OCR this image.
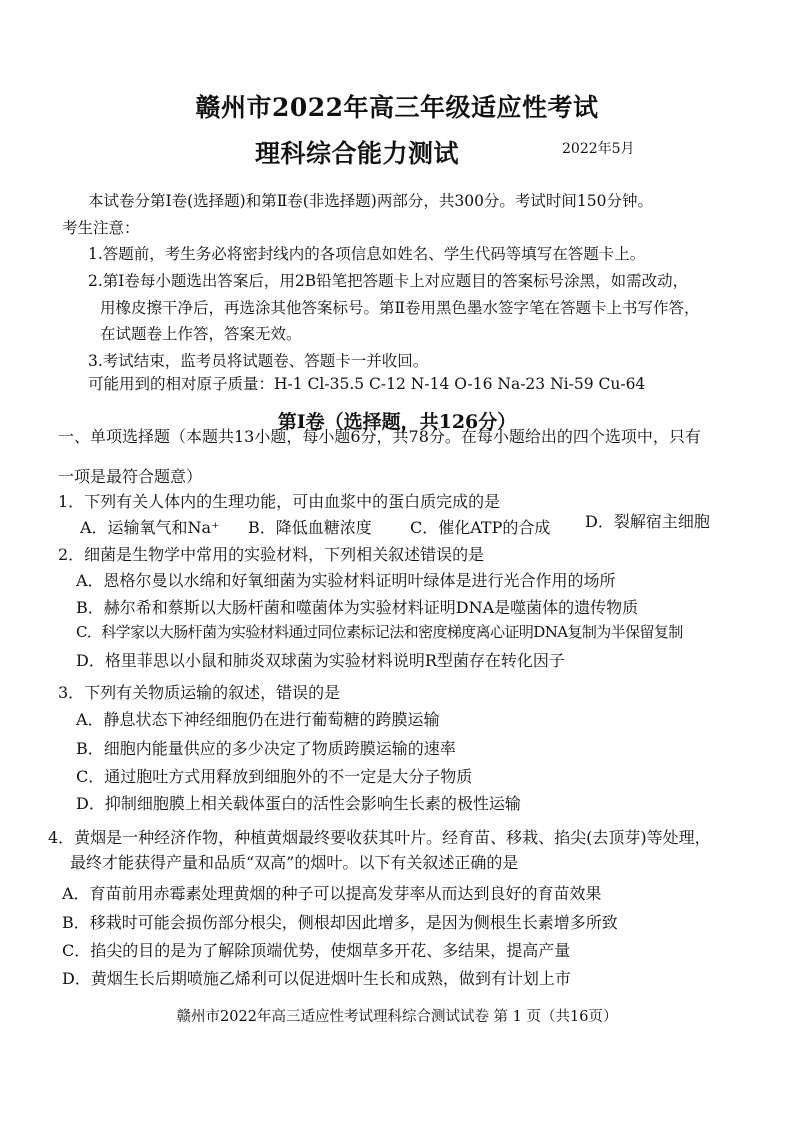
赣州市2022年高三年级适应性考试
理科综合能力测试	2022年5月
本试卷分第Ⅰ卷(选择题)和第Ⅱ卷(非选择题)两部分，共300分。考试时间150分钟。
考生注意：
1.答题前，考生务必将密封线内的各项信息如姓名、学生代码等填写在答题卡上。
2.第Ⅰ卷每小题选出答案后，用2B铅笔把答题卡上对应题目的答案标号涂黑，如需改动，
用橡皮擦干净后，再选涂其他答案标号。第Ⅱ卷用黑色墨水签字笔在答题卡上书写作答，
在试题卷上作答，答案无效。
3.考试结束，监考员将试题卷、答题卡一并收回。
可能用到的相对原子质量：H-1 Cl-35.5 C-12 N-14 O-16 Na-23 Ni-59 Cu-64
第Ⅰ卷（选择题，共126分）
一、单项选择题（本题共13小题，每小题6分，共78分。在每小题给出的四个选项中，只有
一项是最符合题意）
1．下列有关人体内的生理功能，可由血浆中的蛋白质完成的是
A．运输氧气和Na⁺ B．降低血糖浓度 C．催化ATP的合成 D．裂解宿主细胞
2．细菌是生物学中常用的实验材料，下列相关叙述错误的是
A．恩格尔曼以水绵和好氧细菌为实验材料证明叶绿体是进行光合作用的场所
B．赫尔希和蔡斯以大肠杆菌和噬菌体为实验材料证明DNA是噬菌体的遗传物质
C．科学家以大肠杆菌为实验材料通过同位素标记法和密度梯度离心证明DNA复制为半保留复制
D．格里菲思以小鼠和肺炎双球菌为实验材料说明R型菌存在转化因子
3．下列有关物质运输的叙述，错误的是
A．静息状态下神经细胞仍在进行葡萄糖的跨膜运输
B．细胞内能量供应的多少决定了物质跨膜运输的速率
C．通过胞吐方式用释放到细胞外的不一定是大分子物质
D．抑制细胞膜上相关载体蛋白的活性会影响生长素的极性运输
4．黄烟是一种经济作物，种植黄烟最终要收获其叶片。经育苗、移栽、掐尖(去顶芽)等处理，
最终才能获得产量和品质“双高”的烟叶。以下有关叙述正确的是
A．育苗前用赤霉素处理黄烟的种子可以提高发芽率从而达到良好的育苗效果
B．移栽时可能会损伤部分根尖，侧根却因此增多，是因为侧根生长素增多所致
C．掐尖的目的是为了解除顶端优势，使烟草多开花、多结果，提高产量
D．黄烟生长后期喷施乙烯利可以促进烟叶生长和成熟，做到有计划上市
赣州市2022年高三适应性考试理科综合测试试卷 第 1 页（共16页）
